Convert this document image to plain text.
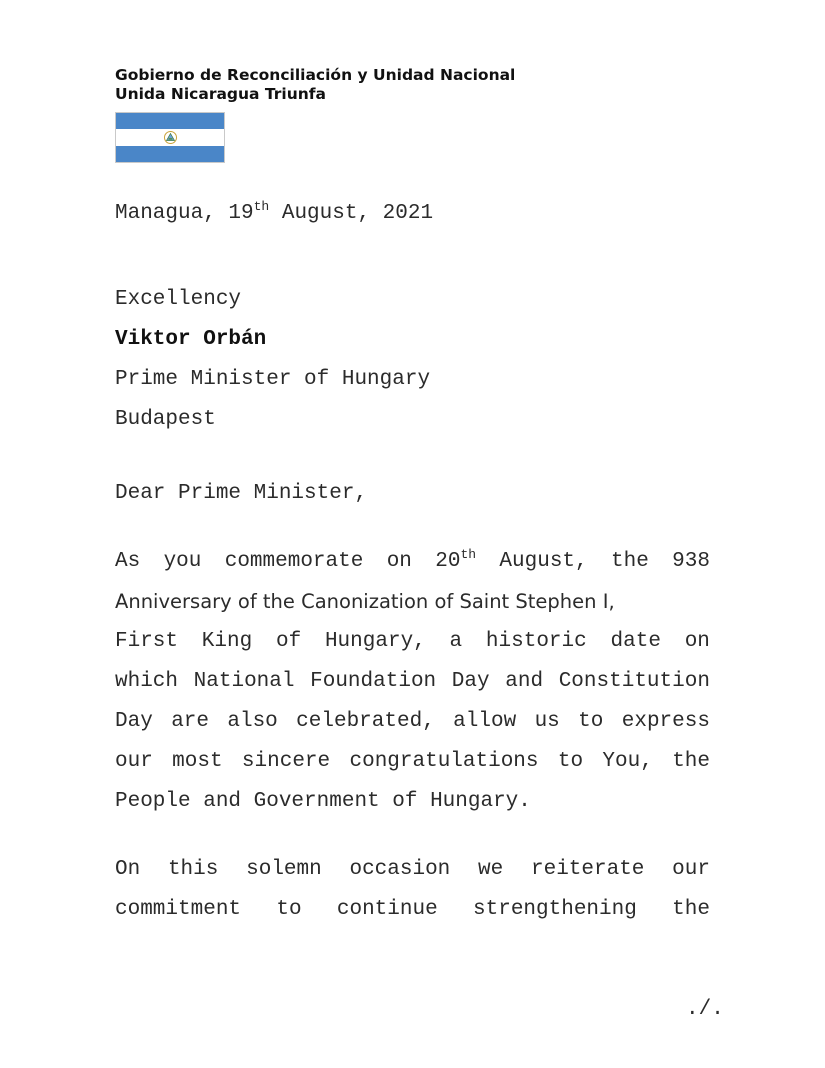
Gobierno de Reconciliación y Unidad Nacional
Unida Nicaragua Triunfa
Managua, 19th August, 2021
Excellency
Viktor Orbán
Prime Minister of Hungary
Budapest
Dear Prime Minister,
As you commemorate on 20th August, the 938
Anniversary of the Canonization of Saint Stephen I,
First King of Hungary, a historic date on
which National Foundation Day and Constitution
Day are also celebrated, allow us to express
our most sincere congratulations to You, the
People and Government of Hungary.
On this solemn occasion we reiterate our
commitment to continue strengthening the
./.
